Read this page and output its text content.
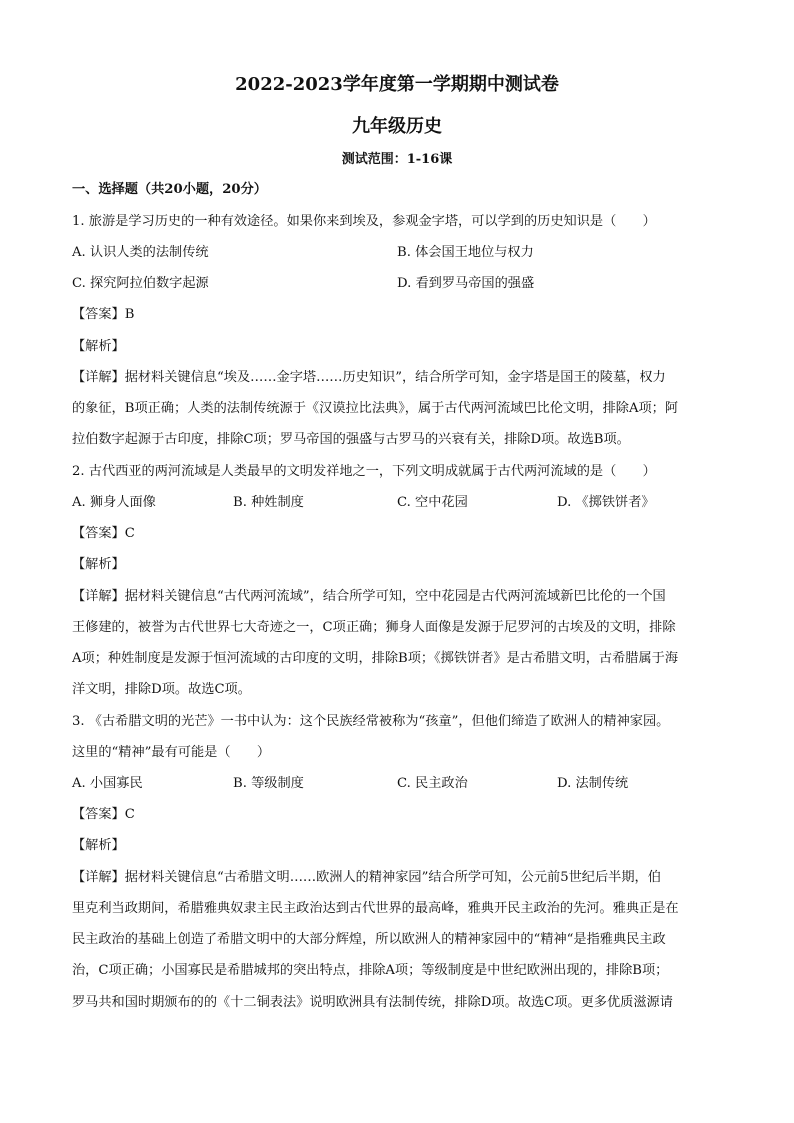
2022-2023学年度第一学期期中测试卷
九年级历史
测试范围：1-16课
一、选择题（共20小题，20分）
1. 旅游是学习历史的一种有效途径。如果你来到埃及，参观金字塔，可以学到的历史知识是（　　）
A. 认识人类的法制传统	B. 体会国王地位与权力
C. 探究阿拉伯数字起源	D. 看到罗马帝国的强盛
【答案】B
【解析】
【详解】据材料关键信息“埃及……金字塔……历史知识”，结合所学可知，金字塔是国王的陵墓，权力
的象征，B项正确；人类的法制传统源于《汉谟拉比法典》，属于古代两河流域巴比伦文明，排除A项；阿
拉伯数字起源于古印度，排除C项；罗马帝国的强盛与古罗马的兴衰有关，排除D项。故选B项。
2. 古代西亚的两河流域是人类最早的文明发祥地之一，下列文明成就属于古代两河流域的是（　　）
A. 狮身人面像	B. 种姓制度	C. 空中花园	D. 《掷铁饼者》
【答案】C
【解析】
【详解】据材料关键信息“古代两河流域”，结合所学可知，空中花园是古代两河流域新巴比伦的一个国
王修建的，被誉为古代世界七大奇迹之一，C项正确；狮身人面像是发源于尼罗河的古埃及的文明，排除
A项；种姓制度是发源于恒河流域的古印度的文明，排除B项；《掷铁饼者》是古希腊文明，古希腊属于海
洋文明，排除D项。故选C项。
3. 《古希腊文明的光芒》一书中认为：这个民族经常被称为“孩童”，但他们缔造了欧洲人的精神家园。
这里的“精神”最有可能是（　　）
A. 小国寡民	B. 等级制度	C. 民主政治	D. 法制传统
【答案】C
【解析】
【详解】据材料关键信息“古希腊文明……欧洲人的精神家园”结合所学可知，公元前5世纪后半期，伯
里克利当政期间，希腊雅典奴隶主民主政治达到古代世界的最高峰，雅典开民主政治的先河。雅典正是在
民主政治的基础上创造了希腊文明中的大部分辉煌，所以欧洲人的精神家园中的“精神“是指雅典民主政
治，C项正确；小国寡民是希腊城邦的突出特点，排除A项；等级制度是中世纪欧洲出现的，排除B项；
罗马共和国时期颁布的的《十二铜表法》说明欧洲具有法制传统，排除D项。故选C项。更多优质滋源请
